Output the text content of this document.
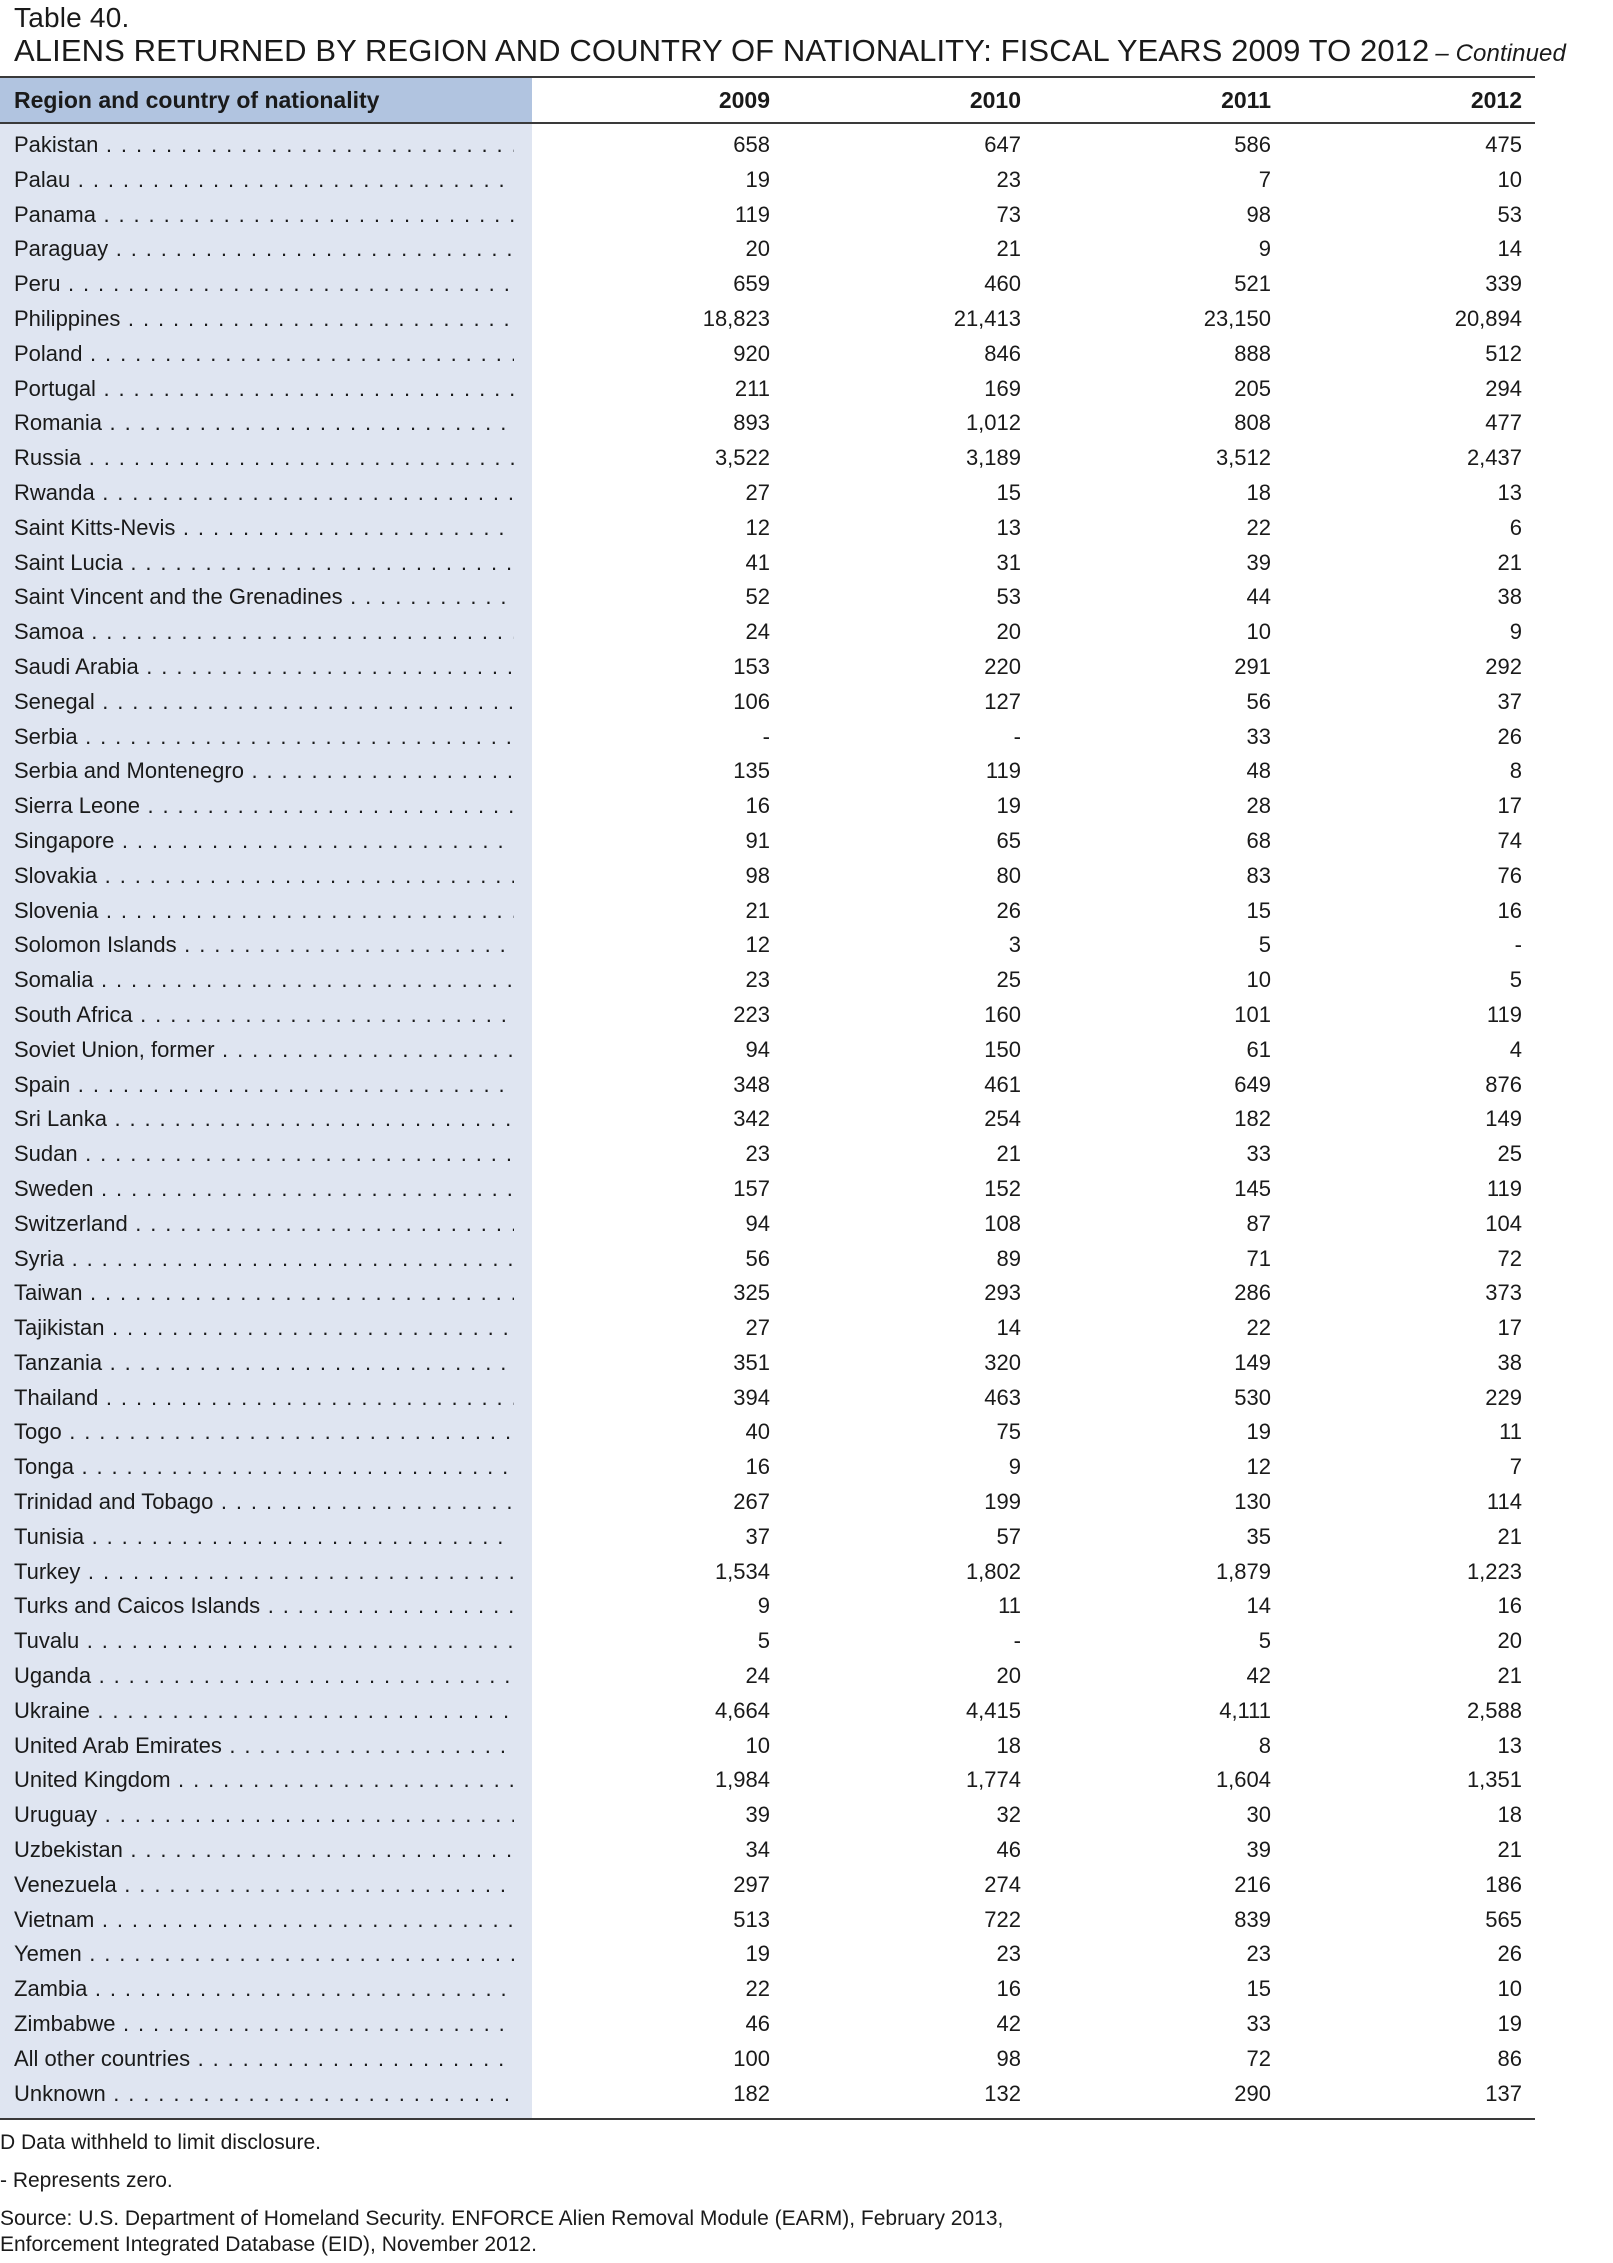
Table 40.
ALIENS RETURNED BY REGION AND COUNTRY OF NATIONALITY: FISCAL YEARS 2009 TO 2012 – Continued
Region and country of nationality	2009	2010	2011	2012
Pakistan . . .	658	647	586	475
Palau . . .	19	23	7	10
Panama . . .	119	73	98	53
Paraguay . . .	20	21	9	14
Peru . . .	659	460	521	339
Philippines . . .	18,823	21,413	23,150	20,894
Poland . . .	920	846	888	512
Portugal . . .	211	169	205	294
Romania . . .	893	1,012	808	477
Russia . . .	3,522	3,189	3,512	2,437
Rwanda . . .	27	15	18	13
Saint Kitts-Nevis . . .	12	13	22	6
Saint Lucia . . .	41	31	39	21
Saint Vincent and the Grenadines . . .	52	53	44	38
Samoa . . .	24	20	10	9
Saudi Arabia . . .	153	220	291	292
Senegal . . .	106	127	56	37
Serbia . . .	-	-	33	26
Serbia and Montenegro . . .	135	119	48	8
Sierra Leone . . .	16	19	28	17
Singapore . . .	91	65	68	74
Slovakia . . .	98	80	83	76
Slovenia . . .	21	26	15	16
Solomon Islands . . .	12	3	5	-
Somalia . . .	23	25	10	5
South Africa . . .	223	160	101	119
Soviet Union, former . . .	94	150	61	4
Spain . . .	348	461	649	876
Sri Lanka . . .	342	254	182	149
Sudan . . .	23	21	33	25
Sweden . . .	157	152	145	119
Switzerland . . .	94	108	87	104
Syria . . .	56	89	71	72
Taiwan . . .	325	293	286	373
Tajikistan . . .	27	14	22	17
Tanzania . . .	351	320	149	38
Thailand . . .	394	463	530	229
Togo . . .	40	75	19	11
Tonga . . .	16	9	12	7
Trinidad and Tobago . . .	267	199	130	114
Tunisia . . .	37	57	35	21
Turkey . . .	1,534	1,802	1,879	1,223
Turks and Caicos Islands . . .	9	11	14	16
Tuvalu . . .	5	-	5	20
Uganda . . .	24	20	42	21
Ukraine . . .	4,664	4,415	4,111	2,588
United Arab Emirates . . .	10	18	8	13
United Kingdom . . .	1,984	1,774	1,604	1,351
Uruguay . . .	39	32	30	18
Uzbekistan . . .	34	46	39	21
Venezuela . . .	297	274	216	186
Vietnam . . .	513	722	839	565
Yemen . . .	19	23	23	26
Zambia . . .	22	16	15	10
Zimbabwe . . .	46	42	33	19
All other countries . . .	100	98	72	86
Unknown . . .	182	132	290	137
D Data withheld to limit disclosure.
- Represents zero.
Source: U.S. Department of Homeland Security. ENFORCE Alien Removal Module (EARM), February 2013,
Enforcement Integrated Database (EID), November 2012.
